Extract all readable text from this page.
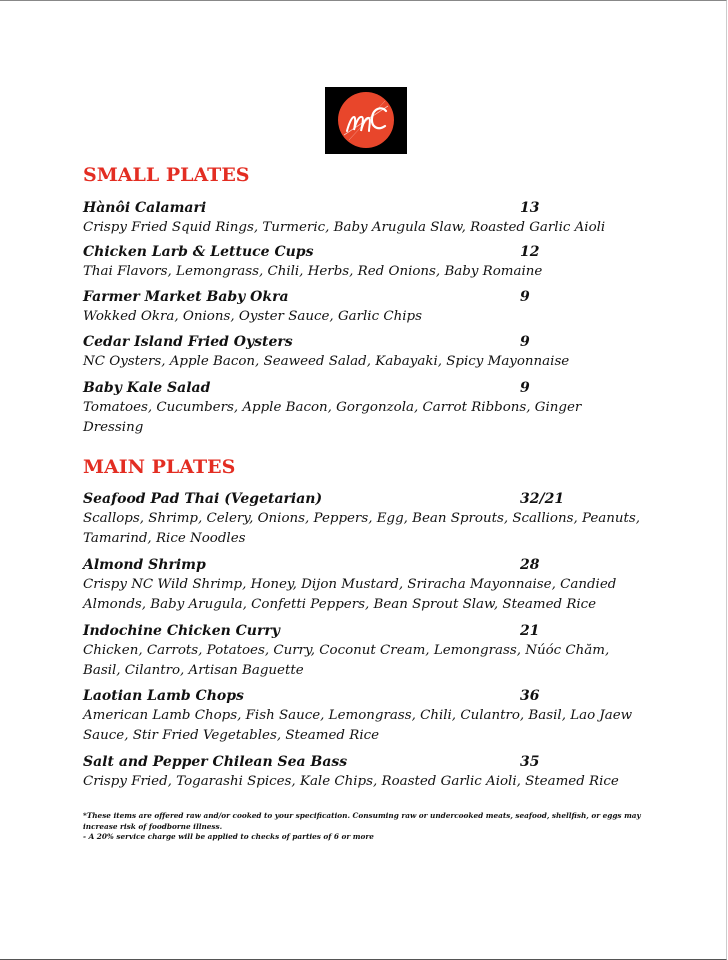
SMALL PLATES
Hànôi Calamari	13
Crispy Fried Squid Rings, Turmeric, Baby Arugula Slaw, Roasted Garlic Aioli
Chicken Larb & Lettuce Cups	12
Thai Flavors, Lemongrass, Chili, Herbs, Red Onions, Baby Romaine
Farmer Market Baby Okra	9
Wokked Okra, Onions, Oyster Sauce, Garlic Chips
Cedar Island Fried Oysters	9
NC Oysters, Apple Bacon, Seaweed Salad, Kabayaki, Spicy Mayonnaise
Baby Kale Salad	9
Tomatoes, Cucumbers, Apple Bacon, Gorgonzola, Carrot Ribbons, Ginger Dressing
MAIN PLATES
Seafood Pad Thai (Vegetarian)	32/21
Scallops, Shrimp, Celery, Onions, Peppers, Egg, Bean Sprouts, Scallions, Peanuts, Tamarind, Rice Noodles
Almond Shrimp	28
Crispy NC Wild Shrimp, Honey, Dijon Mustard, Sriracha Mayonnaise, Candied Almonds, Baby Arugula, Confetti Peppers, Bean Sprout Slaw, Steamed Rice
Indochine Chicken Curry	21
Chicken, Carrots, Potatoes, Curry, Coconut Cream, Lemongrass, Núóc Chăm, Basil, Cilantro, Artisan Baguette
Laotian Lamb Chops	36
American Lamb Chops, Fish Sauce, Lemongrass, Chili, Culantro, Basil, Lao Jaew Sauce, Stir Fried Vegetables, Steamed Rice
Salt and Pepper Chilean Sea Bass	35
Crispy Fried, Togarashi Spices, Kale Chips, Roasted Garlic Aioli, Steamed Rice
*These items are offered raw and/or cooked to your specification. Consuming raw or undercooked meats, seafood, shellfish, or eggs may increase risk of foodborne illness.
- A 20% service charge will be applied to checks of parties of 6 or more
